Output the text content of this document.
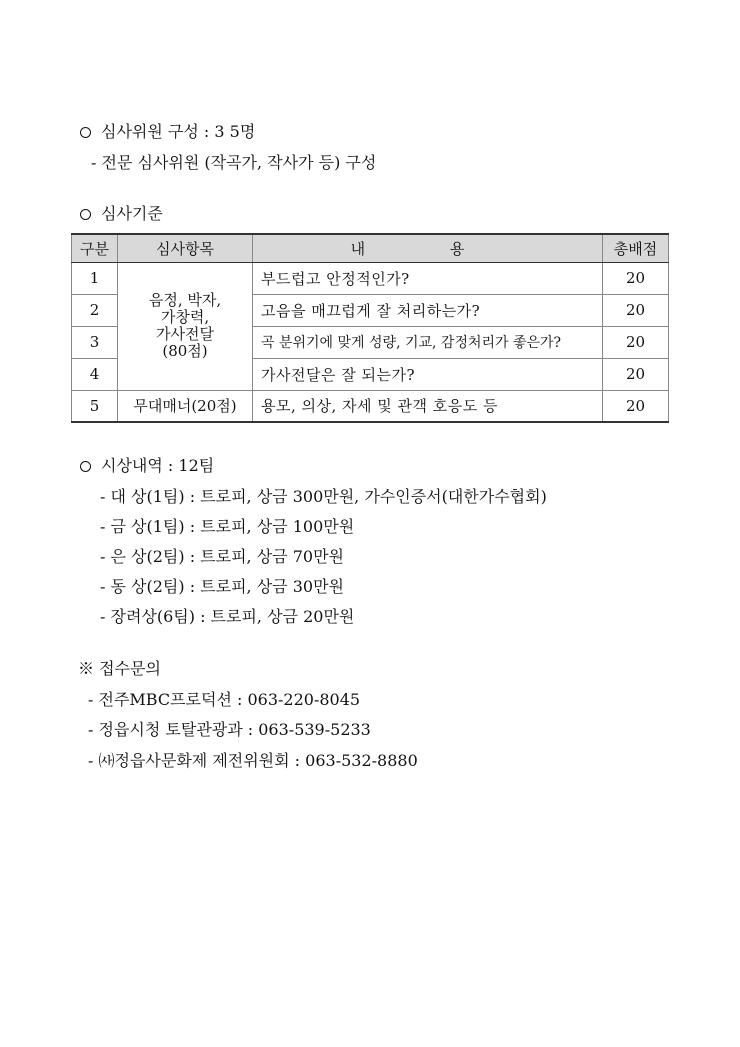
심사위원 구성 : 3 5명
- 전문 심사위원 (작곡가, 작사가 등) 구성
심사기준
구분	심사항목	내 용	총배점
1	음정, 박자,
가창력,
가사전달
(80점)	부드럽고 안정적인가?	20
2		고음을 매끄럽게 잘 처리하는가?	20
3		곡 분위기에 맞게 성량, 기교, 감정처리가 좋은가?	20
4		가사전달은 잘 되는가?	20
5	무대매너(20점)	용모, 의상, 자세 및 관객 호응도 등	20
시상내역 : 12팀
- 대 상(1팀) : 트로피, 상금 300만원, 가수인증서(대한가수협회)
- 금 상(1팀) : 트로피, 상금 100만원
- 은 상(2팀) : 트로피, 상금 70만원
- 동 상(2팀) : 트로피, 상금 30만원
- 장려상(6팀) : 트로피, 상금 20만원
※ 접수문의
- 전주MBC프로덕션 : 063-220-8045
- 정읍시청 토탈관광과 : 063-539-5233
- ㈔정읍사문화제 제전위원회 : 063-532-8880
